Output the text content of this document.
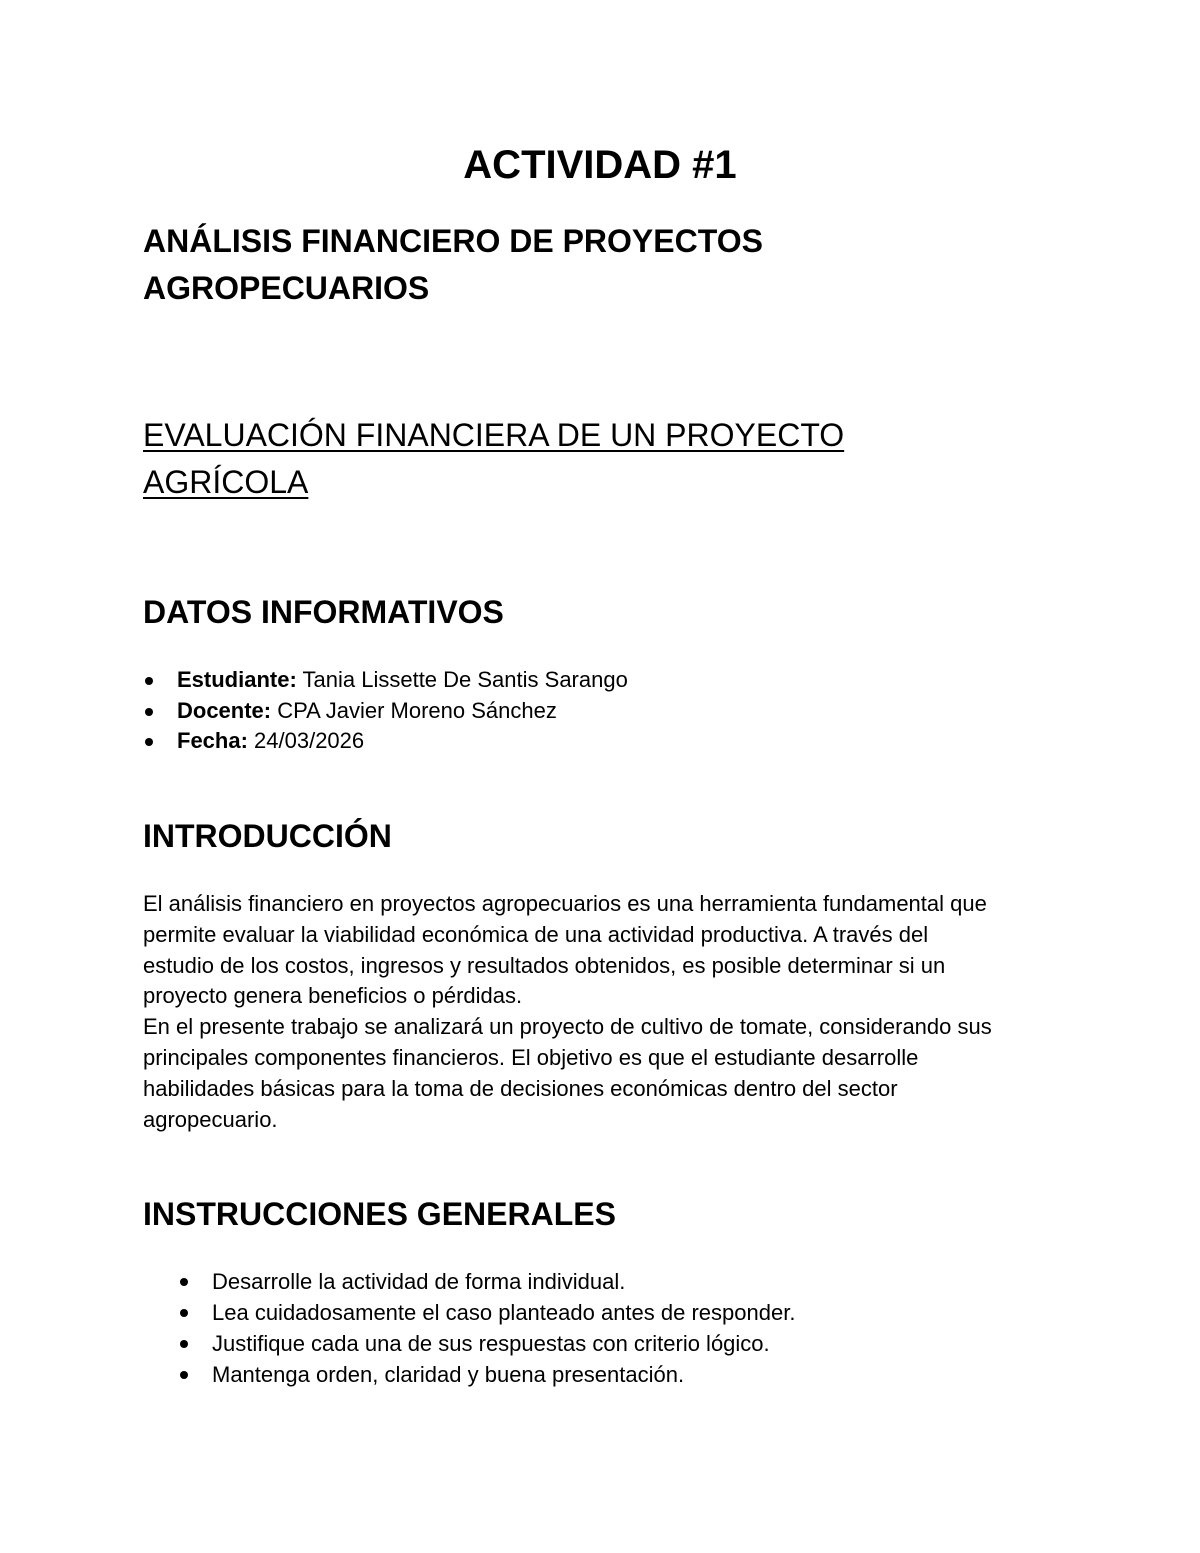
ACTIVIDAD #1
ANÁLISIS FINANCIERO DE PROYECTOS
AGROPECUARIOS
EVALUACIÓN FINANCIERA DE UN PROYECTO
AGRÍCOLA
DATOS INFORMATIVOS
Estudiante: Tania Lissette De Santis Sarango
Docente: CPA Javier Moreno Sánchez
Fecha: 24/03/2026
INTRODUCCIÓN

El análisis financiero en proyectos agropecuarios es una herramienta fundamental que
permite evaluar la viabilidad económica de una actividad productiva. A través del
estudio de los costos, ingresos y resultados obtenidos, es posible determinar si un
proyecto genera beneficios o pérdidas.
En el presente trabajo se analizará un proyecto de cultivo de tomate, considerando sus
principales componentes financieros. El objetivo es que el estudiante desarrolle
habilidades básicas para la toma de decisiones económicas dentro del sector
agropecuario.

INSTRUCCIONES GENERALES
Desarrolle la actividad de forma individual.
Lea cuidadosamente el caso planteado antes de responder.
Justifique cada una de sus respuestas con criterio lógico.
Mantenga orden, claridad y buena presentación.
